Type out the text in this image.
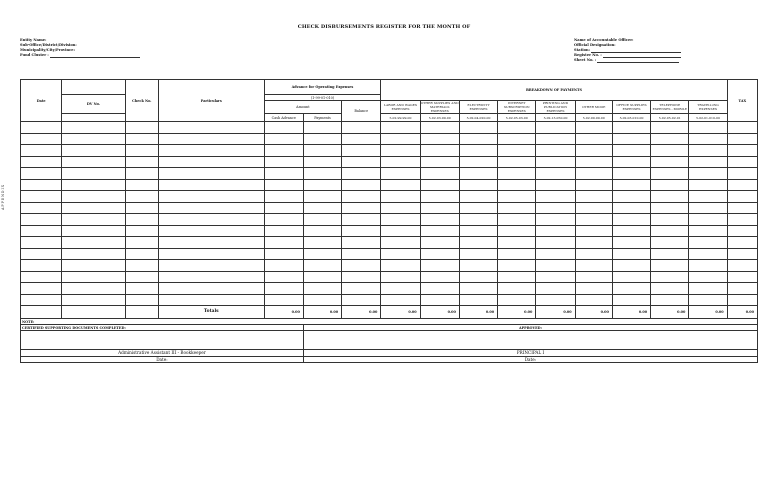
CHECK DISBURSEMENTS REGISTER FOR THE MONTH OF
Entity Name:
Sub-Office/District/Division:
Municipality/City/Province:
Fund Cluster :
Name of Accountable Officer:
Official Designation:
Station:
Register No. :
Sheet No. :
A P P E N D I X
Date		Check No.	Particulars	Advance for Operating Expenses			BREAKDOWN OF PAYMENTS									TAX
	DV No.			(1-99-01-010)												
				Amount		Balance	LABOR AND WAGES EXPENSES	OTHER SUPPLIES AND MATERIALS EXPENSES	ELECTRICITY EXPENSES	INTERNET SUBSCRIPTION EXPENSES	PRINTING AND PUBLICATION EXPENSES	OTHER MOOE	OFFICE SUPPLIES EXPENSES	TELEPHONE EXPENSES - MOBILE	TRAVELLING EXPENSES	
				Cash Advance	Payments		5-02-99-99-00	5-02-03-99-00	5-02-04-020-00	5-02-05-03-00	5-02-13-050-00	5-02-99-99-00	5-02-03-010-00	5-02-05-02-01	5-02-01-010-00	

			Totals	0.00	0.00	0.00	0.00	0.00	0.00	0.00	0.00	0.00	0.00	0.00	0.00	0.00
NOTE:																
CERTIFIED SUPPORTING DOCUMENTS COMPLETED:					APPROVED:											

Administrative Assistant III - Bookkeeper					PRINCIPAL I											
Date:					Date:											
